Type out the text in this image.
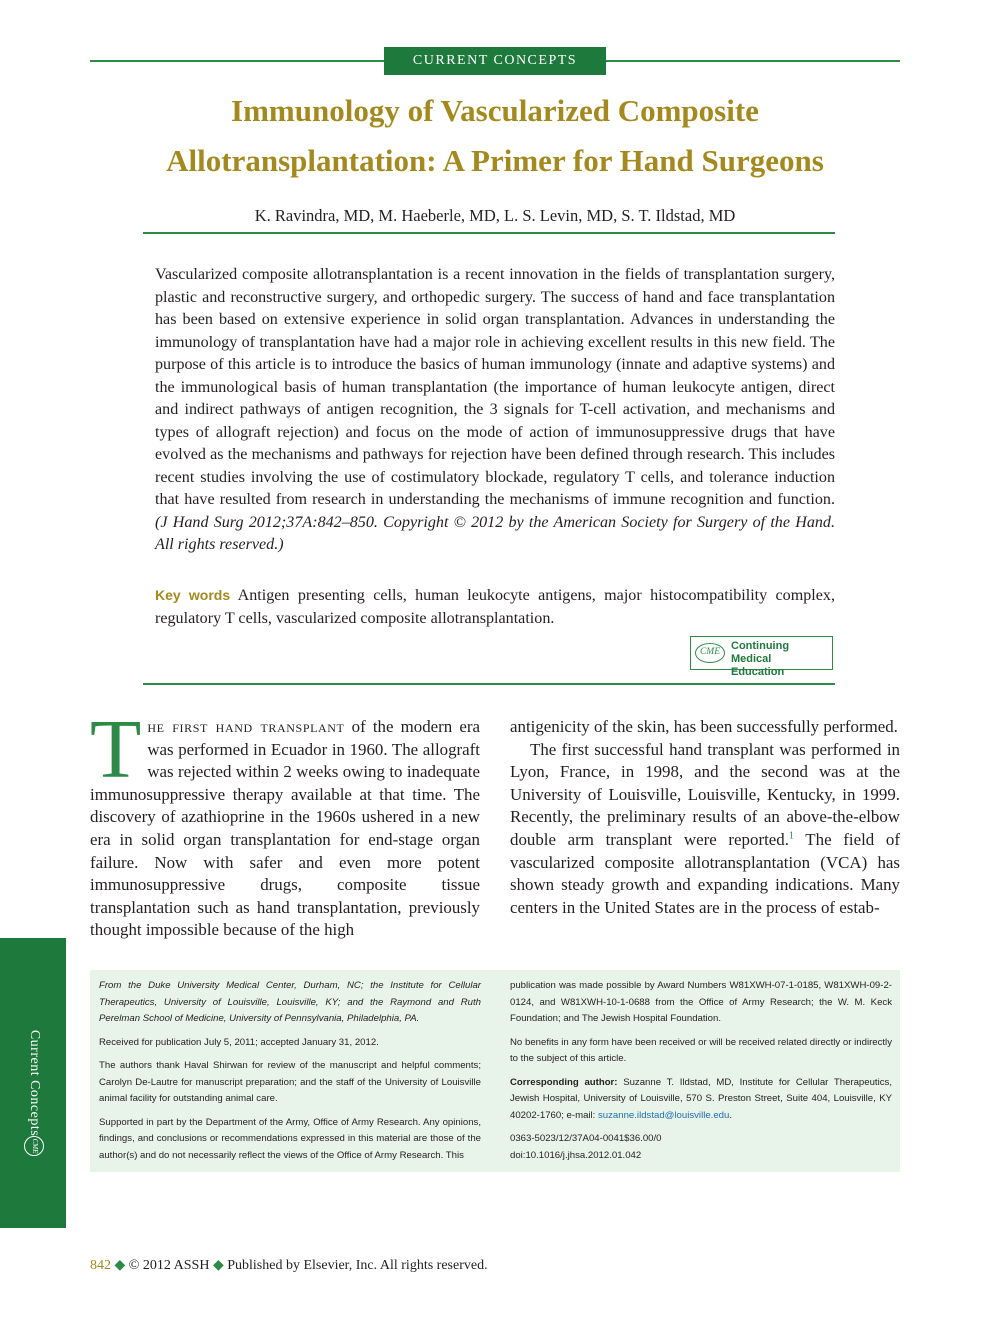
CURRENT CONCEPTS
Immunology of Vascularized Composite
Allotransplantation: A Primer for Hand Surgeons
K. Ravindra, MD, M. Haeberle, MD, L. S. Levin, MD, S. T. Ildstad, MD
Vascularized composite allotransplantation is a recent innovation in the fields of transplantation surgery, plastic and reconstructive surgery, and orthopedic surgery. The success of hand and face transplantation has been based on extensive experience in solid organ transplantation. Advances in understanding the immunology of transplantation have had a major role in achieving excellent results in this new field. The purpose of this article is to introduce the basics of human immunology (innate and adaptive systems) and the immunological basis of human transplantation (the importance of human leukocyte antigen, direct and indirect pathways of antigen recognition, the 3 signals for T-cell activation, and mechanisms and types of allograft rejection) and focus on the mode of action of immunosuppressive drugs that have evolved as the mechanisms and pathways for rejection have been defined through research. This includes recent studies involving the use of costimulatory blockade, regulatory T cells, and tolerance induction that have resulted from research in understanding the mechanisms of immune recognition and function. (J Hand Surg 2012;37A:842–850. Copyright © 2012 by the American Society for Surgery of the Hand. All rights reserved.)
Key words Antigen presenting cells, human leukocyte antigens, major histocompatibility complex, regulatory T cells, vascularized composite allotransplantation.
CME Continuing Medical
Education

The first hand transplant of the modern era was performed in Ecuador in 1960. The allograft was rejected within 2 weeks owing to inadequate immunosuppressive therapy available at that time. The discovery of azathioprine in the 1960s ushered in a new era in solid organ transplantation for end-stage organ failure. Now with safer and even more potent immunosuppressive drugs, composite tissue transplantation such as hand transplantation, previously thought impossible because of the high

antigenicity of the skin, has been successfully performed.

The first successful hand transplant was performed in Lyon, France, in 1998, and the second was at the University of Louisville, Louisville, Kentucky, in 1999. Recently, the preliminary results of an above-the-elbow double arm transplant were reported.$^1$ The field of vascularized composite allotransplantation (VCA) has shown steady growth and expanding indications. Many centers in the United States are in the process of estab-

Current Concepts
CME

From the Duke University Medical Center, Durham, NC; the Institute for Cellular Therapeutics, University of Louisville, Louisville, KY; and the Raymond and Ruth Perelman School of Medicine, University of Pennsylvania, Philadelphia, PA.

Received for publication July 5, 2011; accepted January 31, 2012.

The authors thank Haval Shirwan for review of the manuscript and helpful comments; Carolyn De-Lautre for manuscript preparation; and the staff of the University of Louisville animal facility for outstanding animal care.

Supported in part by the Department of the Army, Office of Army Research. Any opinions, findings, and conclusions or recommendations expressed in this material are those of the author(s) and do not necessarily reflect the views of the Office of Army Research. This

publication was made possible by Award Numbers W81XWH-07-1-0185, W81XWH-09-2-0124, and W81XWH-10-1-0688 from the Office of Army Research; the W. M. Keck Foundation; and The Jewish Hospital Foundation.

No benefits in any form have been received or will be received related directly or indirectly to the subject of this article.

Corresponding author: Suzanne T. Ildstad, MD, Institute for Cellular Therapeutics, Jewish Hospital, University of Louisville, 570 S. Preston Street, Suite 404, Louisville, KY 40202-1760; e-mail: suzanne.ildstad@louisville.edu.

0363-5023/12/37A04-0041$36.00/0
doi:10.1016/j.jhsa.2012.01.042

842 ◆ © 2012 ASSH ◆ Published by Elsevier, Inc. All rights reserved.
